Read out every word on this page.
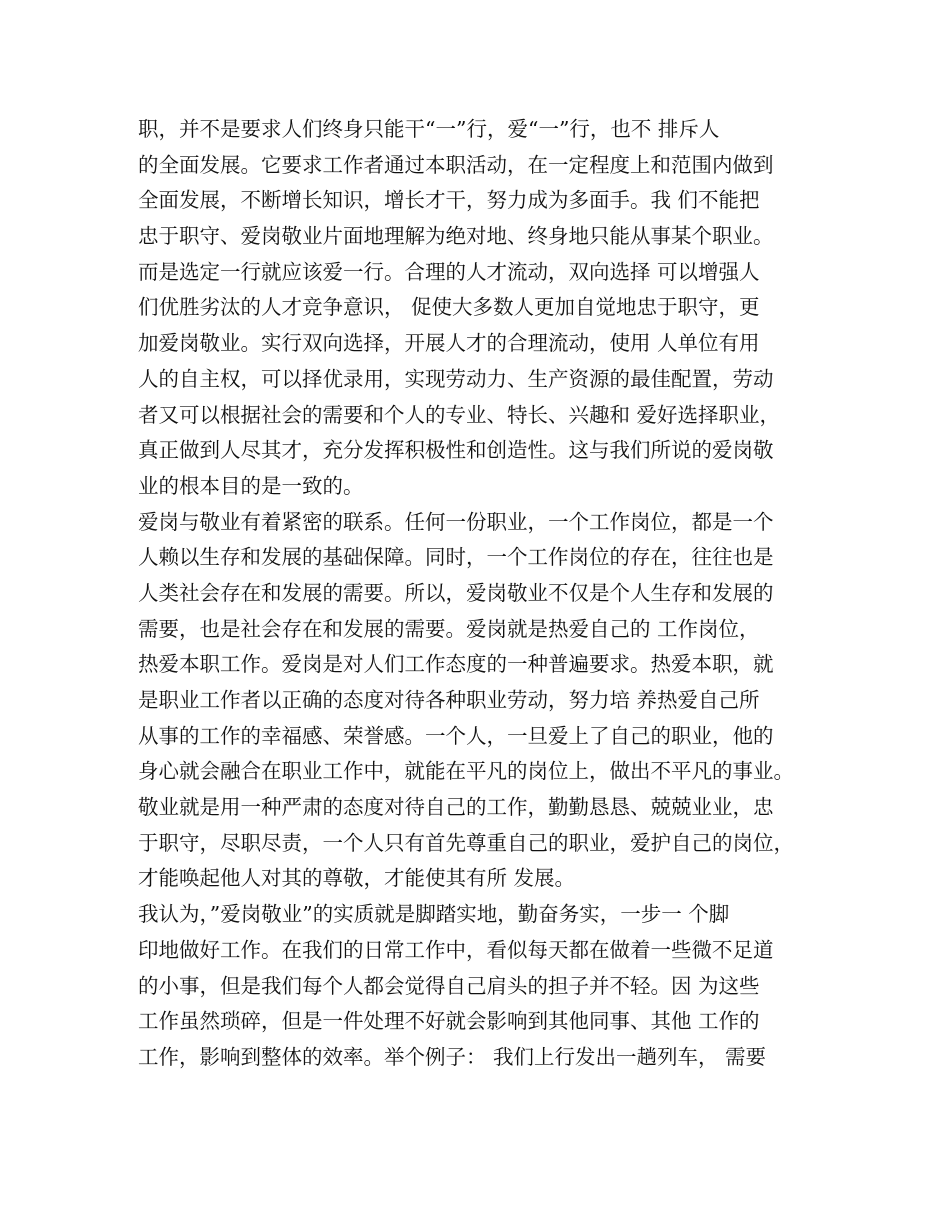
职，并不是要求人们终身只能干“一”行，爱“一”行，也不 排斥人
的全面发展。它要求工作者通过本职活动，在一定程度上和范围内做到
全面发展，不断增长知识，增长才干，努力成为多面手。我 们不能把
忠于职守、爱岗敬业片面地理解为绝对地、终身地只能从事某个职业。
而是选定一行就应该爱一行。合理的人才流动，双向选择 可以增强人
们优胜劣汰的人才竞争意识， 促使大多数人更加自觉地忠于职守，更
加爱岗敬业。实行双向选择，开展人才的合理流动，使用 人单位有用
人的自主权，可以择优录用，实现劳动力、生产资源的最佳配置，劳动
者又可以根据社会的需要和个人的专业、特长、兴趣和 爱好选择职业，
真正做到人尽其才，充分发挥积极性和创造性。这与我们所说的爱岗敬
业的根本目的是一致的。
爱岗与敬业有着紧密的联系。任何一份职业，一个工作岗位，都是一个
人赖以生存和发展的基础保障。同时，一个工作岗位的存在，往往也是
人类社会存在和发展的需要。所以，爱岗敬业不仅是个人生存和发展的
需要，也是社会存在和发展的需要。爱岗就是热爱自己的 工作岗位，
热爱本职工作。爱岗是对人们工作态度的一种普遍要求。热爱本职，就
是职业工作者以正确的态度对待各种职业劳动，努力培 养热爱自己所
从事的工作的幸福感、荣誉感。一个人，一旦爱上了自己的职业，他的
身心就会融合在职业工作中，就能在平凡的岗位上，做出不平凡的事业。
敬业就是用一种严肃的态度对待自己的工作，勤勤恳恳、兢兢业业，忠
于职守，尽职尽责，一个人只有首先尊重自己的职业，爱护自己的岗位，
才能唤起他人对其的尊敬，才能使其有所 发展。
我认为，”爱岗敬业”的实质就是脚踏实地，勤奋务实，一步一 个脚
印地做好工作。在我们的日常工作中，看似每天都在做着一些微不足道
的小事，但是我们每个人都会觉得自己肩头的担子并不轻。因 为这些
工作虽然琐碎，但是一件处理不好就会影响到其他同事、其他 工作的
工作，影响到整体的效率。举个例子： 我们上行发出一趟列车， 需要
